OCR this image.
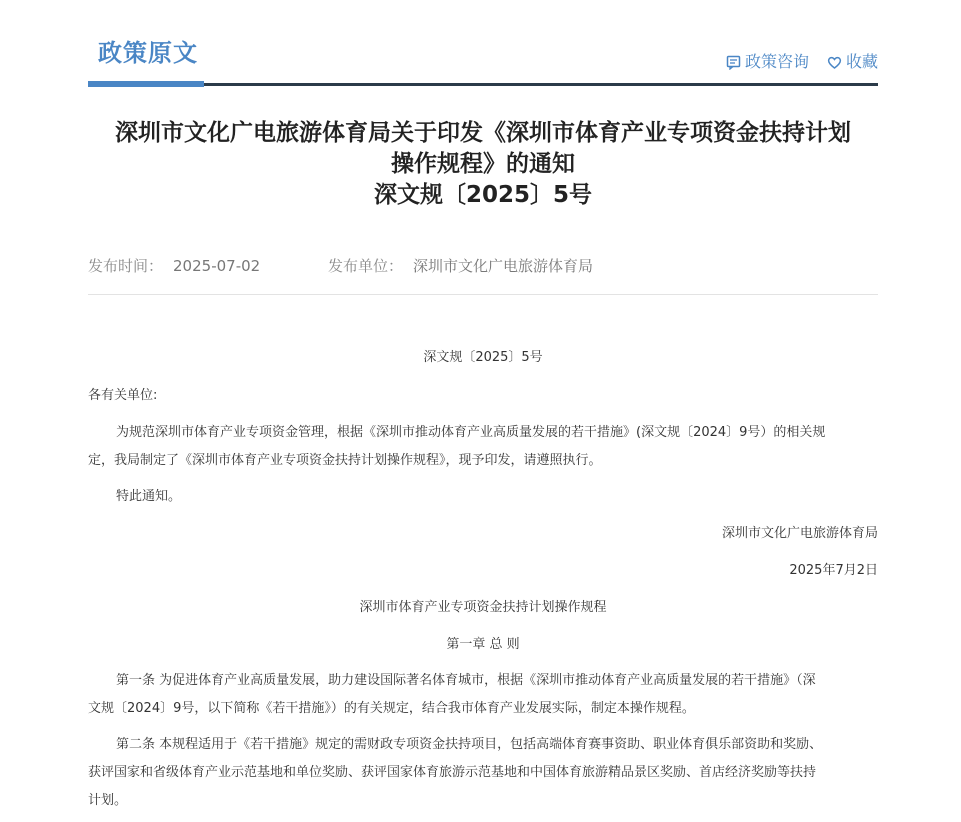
政策原文	政策咨询 收藏
深圳市文化广电旅游体育局关于印发《深圳市体育产业专项资金扶持计划
操作规程》的通知
深文规〔2025〕5号
发布时间： 2025-07-02	发布单位： 深圳市文化广电旅游体育局

深文规〔2025〕5号

各有关单位:

为规范深圳市体育产业专项资金管理，根据《深圳市推动体育产业高质量发展的若干措施》(深文规〔2024〕9号）的相关规

定，我局制定了《深圳市体育产业专项资金扶持计划操作规程》，现予印发，请遵照执行。

特此通知。

深圳市文化广电旅游体育局

2025年7月2日

深圳市体育产业专项资金扶持计划操作规程

第一章 总 则

第一条 为促进体育产业高质量发展，助力建设国际著名体育城市，根据《深圳市推动体育产业高质量发展的若干措施》（深

文规〔2024〕9号，以下简称《若干措施》）的有关规定，结合我市体育产业发展实际，制定本操作规程。

第二条 本规程适用于《若干措施》规定的需财政专项资金扶持项目，包括高端体育赛事资助、职业体育俱乐部资助和奖励、

获评国家和省级体育产业示范基地和单位奖励、获评国家体育旅游示范基地和中国体育旅游精品景区奖励、首店经济奖励等扶持

计划。
